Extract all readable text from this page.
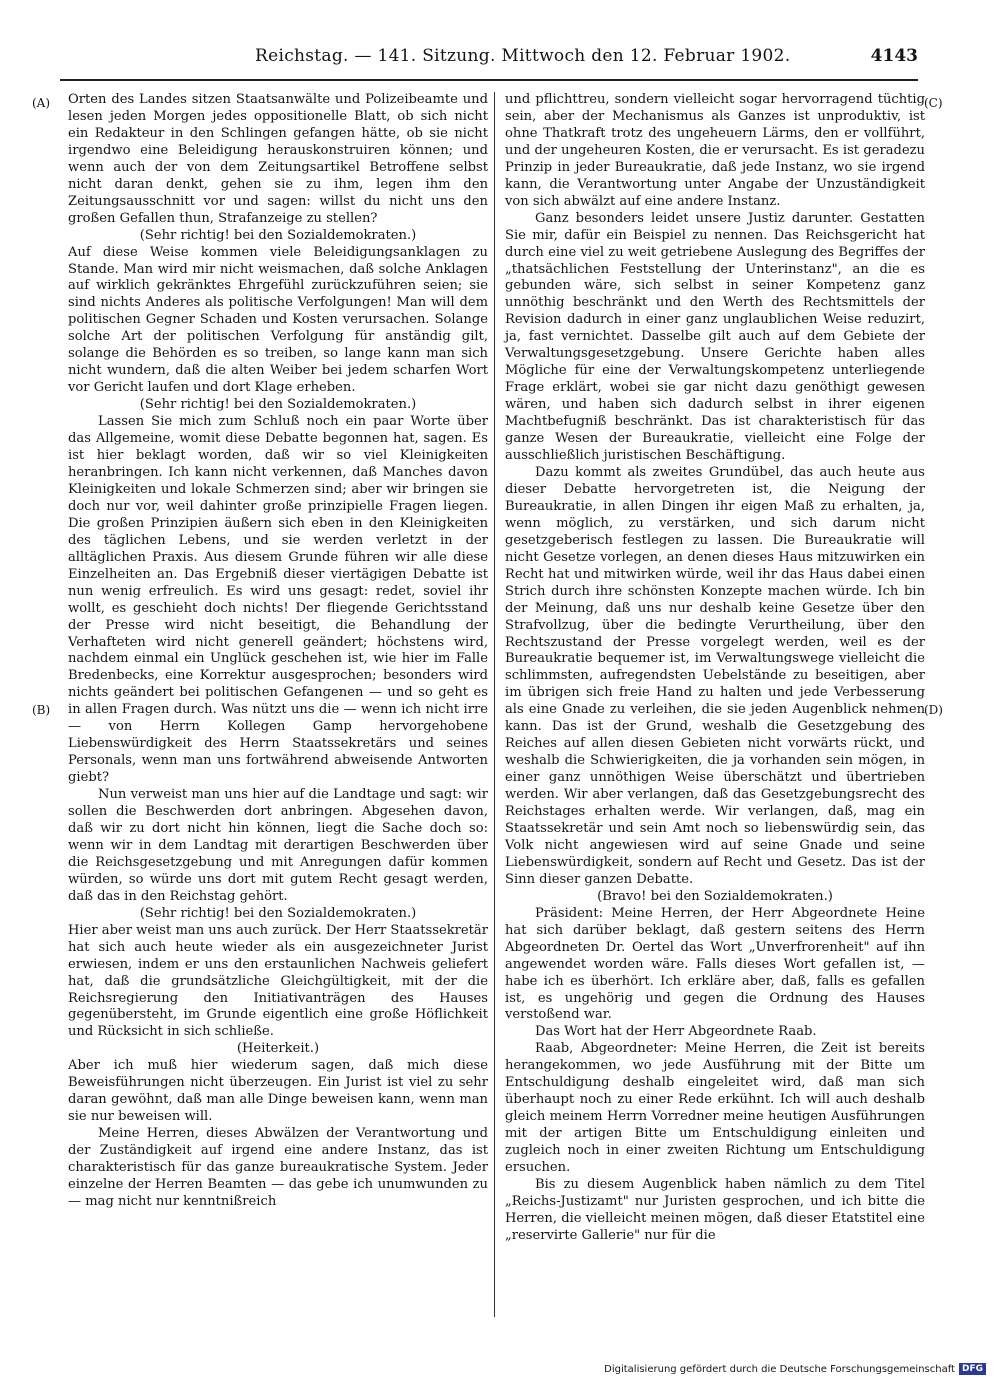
Reichstag. — 141. Sitzung. Mittwoch den 12. Februar 1902.	4143
(A)
(B)
(C)
(D)

Orten des Landes sitzen Staatsanwälte und Polizeibeamte und lesen jeden Morgen jedes oppositionelle Blatt, ob sich nicht ein Redakteur in den Schlingen gefangen hätte, ob sie nicht irgendwo eine Beleidigung herauskonstruiren können; und wenn auch der von dem Zeitungsartikel Betroffene selbst nicht daran denkt, gehen sie zu ihm, legen ihm den Zeitungsausschnitt vor und sagen: willst du nicht uns den großen Gefallen thun, Strafanzeige zu stellen?

(Sehr richtig! bei den Sozialdemokraten.)

Auf diese Weise kommen viele Beleidigungsanklagen zu Stande. Man wird mir nicht weismachen, daß solche Anklagen auf wirklich gekränktes Ehrgefühl zurückzuführen seien; sie sind nichts Anderes als politische Verfolgungen! Man will dem politischen Gegner Schaden und Kosten verursachen. Solange solche Art der politischen Verfolgung für anständig gilt, solange die Behörden es so treiben, so lange kann man sich nicht wundern, daß die alten Weiber bei jedem scharfen Wort vor Gericht laufen und dort Klage erheben.

(Sehr richtig! bei den Sozialdemokraten.)

Lassen Sie mich zum Schluß noch ein paar Worte über das Allgemeine, womit diese Debatte begonnen hat, sagen. Es ist hier beklagt worden, daß wir so viel Kleinigkeiten heranbringen. Ich kann nicht verkennen, daß Manches davon Kleinigkeiten und lokale Schmerzen sind; aber wir bringen sie doch nur vor, weil dahinter große prinzipielle Fragen liegen. Die großen Prinzipien äußern sich eben in den Kleinigkeiten des täglichen Lebens, und sie werden verletzt in der alltäglichen Praxis. Aus diesem Grunde führen wir alle diese Einzelheiten an. Das Ergebniß dieser viertägigen Debatte ist nun wenig erfreulich. Es wird uns gesagt: redet, soviel ihr wollt, es geschieht doch nichts! Der fliegende Gerichtsstand der Presse wird nicht beseitigt, die Behandlung der Verhafteten wird nicht generell geändert; höchstens wird, nachdem einmal ein Unglück geschehen ist, wie hier im Falle Bredenbecks, eine Korrektur ausgesprochen; besonders wird nichts geändert bei politischen Gefangenen — und so geht es in allen Fragen durch. Was nützt uns die — wenn ich nicht irre — von Herrn Kollegen Gamp hervorgehobene Liebenswürdigkeit des Herrn Staatssekretärs und seines Personals, wenn man uns fortwährend abweisende Antworten giebt?

Nun verweist man uns hier auf die Landtage und sagt: wir sollen die Beschwerden dort anbringen. Abgesehen davon, daß wir zu dort nicht hin können, liegt die Sache doch so: wenn wir in dem Landtag mit derartigen Beschwerden über die Reichsgesetzgebung und mit Anregungen dafür kommen würden, so würde uns dort mit gutem Recht gesagt werden, daß das in den Reichstag gehört.

(Sehr richtig! bei den Sozialdemokraten.)

Hier aber weist man uns auch zurück. Der Herr Staatssekretär hat sich auch heute wieder als ein ausgezeichneter Jurist erwiesen, indem er uns den erstaunlichen Nachweis geliefert hat, daß die grundsätzliche Gleichgültigkeit, mit der die Reichsregierung den Initiativanträgen des Hauses gegenübersteht, im Grunde eigentlich eine große Höflichkeit und Rücksicht in sich schließe.

(Heiterkeit.)

Aber ich muß hier wiederum sagen, daß mich diese Beweisführungen nicht überzeugen. Ein Jurist ist viel zu sehr daran gewöhnt, daß man alle Dinge beweisen kann, wenn man sie nur beweisen will.

Meine Herren, dieses Abwälzen der Verantwortung und der Zuständigkeit auf irgend eine andere Instanz, das ist charakteristisch für das ganze bureaukratische System. Jeder einzelne der Herren Beamten — das gebe ich unumwunden zu — mag nicht nur kenntnißreich

und pflichttreu, sondern vielleicht sogar hervorragend tüchtig sein, aber der Mechanismus als Ganzes ist unproduktiv, ist ohne Thatkraft trotz des ungeheuern Lärms, den er vollführt, und der ungeheuren Kosten, die er verursacht. Es ist geradezu Prinzip in jeder Bureaukratie, daß jede Instanz, wo sie irgend kann, die Verantwortung unter Angabe der Unzuständigkeit von sich abwälzt auf eine andere Instanz.

Ganz besonders leidet unsere Justiz darunter. Gestatten Sie mir, dafür ein Beispiel zu nennen. Das Reichsgericht hat durch eine viel zu weit getriebene Auslegung des Begriffes der „thatsächlichen Feststellung der Unterinstanz", an die es gebunden wäre, sich selbst in seiner Kompetenz ganz unnöthig beschränkt und den Werth des Rechtsmittels der Revision dadurch in einer ganz unglaublichen Weise reduzirt, ja, fast vernichtet. Dasselbe gilt auch auf dem Gebiete der Verwaltungsgesetzgebung. Unsere Gerichte haben alles Mögliche für eine der Verwaltungskompetenz unterliegende Frage erklärt, wobei sie gar nicht dazu genöthigt gewesen wären, und haben sich dadurch selbst in ihrer eigenen Machtbefugniß beschränkt. Das ist charakteristisch für das ganze Wesen der Bureaukratie, vielleicht eine Folge der ausschließlich juristischen Beschäftigung.

Dazu kommt als zweites Grundübel, das auch heute aus dieser Debatte hervorgetreten ist, die Neigung der Bureaukratie, in allen Dingen ihr eigen Maß zu erhalten, ja, wenn möglich, zu verstärken, und sich darum nicht gesetzgeberisch festlegen zu lassen. Die Bureaukratie will nicht Gesetze vorlegen, an denen dieses Haus mitzuwirken ein Recht hat und mitwirken würde, weil ihr das Haus dabei einen Strich durch ihre schönsten Konzepte machen würde. Ich bin der Meinung, daß uns nur deshalb keine Gesetze über den Strafvollzug, über die bedingte Verurtheilung, über den Rechtszustand der Presse vorgelegt werden, weil es der Bureaukratie bequemer ist, im Verwaltungswege vielleicht die schlimmsten, aufregendsten Uebelstände zu beseitigen, aber im übrigen sich freie Hand zu halten und jede Verbesserung als eine Gnade zu verleihen, die sie jeden Augenblick nehmen kann. Das ist der Grund, weshalb die Gesetzgebung des Reiches auf allen diesen Gebieten nicht vorwärts rückt, und weshalb die Schwierigkeiten, die ja vorhanden sein mögen, in einer ganz unnöthigen Weise überschätzt und übertrieben werden. Wir aber verlangen, daß das Gesetzgebungsrecht des Reichstages erhalten werde. Wir verlangen, daß, mag ein Staatssekretär und sein Amt noch so liebenswürdig sein, das Volk nicht angewiesen wird auf seine Gnade und seine Liebenswürdigkeit, sondern auf Recht und Gesetz. Das ist der Sinn dieser ganzen Debatte.

(Bravo! bei den Sozialdemokraten.)

Präsident: Meine Herren, der Herr Abgeordnete Heine hat sich darüber beklagt, daß gestern seitens des Herrn Abgeordneten Dr. Oertel das Wort „Unverfrorenheit" auf ihn angewendet worden wäre. Falls dieses Wort gefallen ist, — habe ich es überhört. Ich erkläre aber, daß, falls es gefallen ist, es ungehörig und gegen die Ordnung des Hauses verstoßend war.

Das Wort hat der Herr Abgeordnete Raab.

Raab, Abgeordneter: Meine Herren, die Zeit ist bereits herangekommen, wo jede Ausführung mit der Bitte um Entschuldigung deshalb eingeleitet wird, daß man sich überhaupt noch zu einer Rede erkühnt. Ich will auch deshalb gleich meinem Herrn Vorredner meine heutigen Ausführungen mit der artigen Bitte um Entschuldigung einleiten und zugleich noch in einer zweiten Richtung um Entschuldigung ersuchen.

Bis zu diesem Augenblick haben nämlich zu dem Titel „Reichs-Justizamt" nur Juristen gesprochen, und ich bitte die Herren, die vielleicht meinen mögen, daß dieser Etatstitel eine „reservirte Gallerie" nur für die

Digitalisierung gefördert durch die Deutsche Forschungsgemeinschaft DFG
